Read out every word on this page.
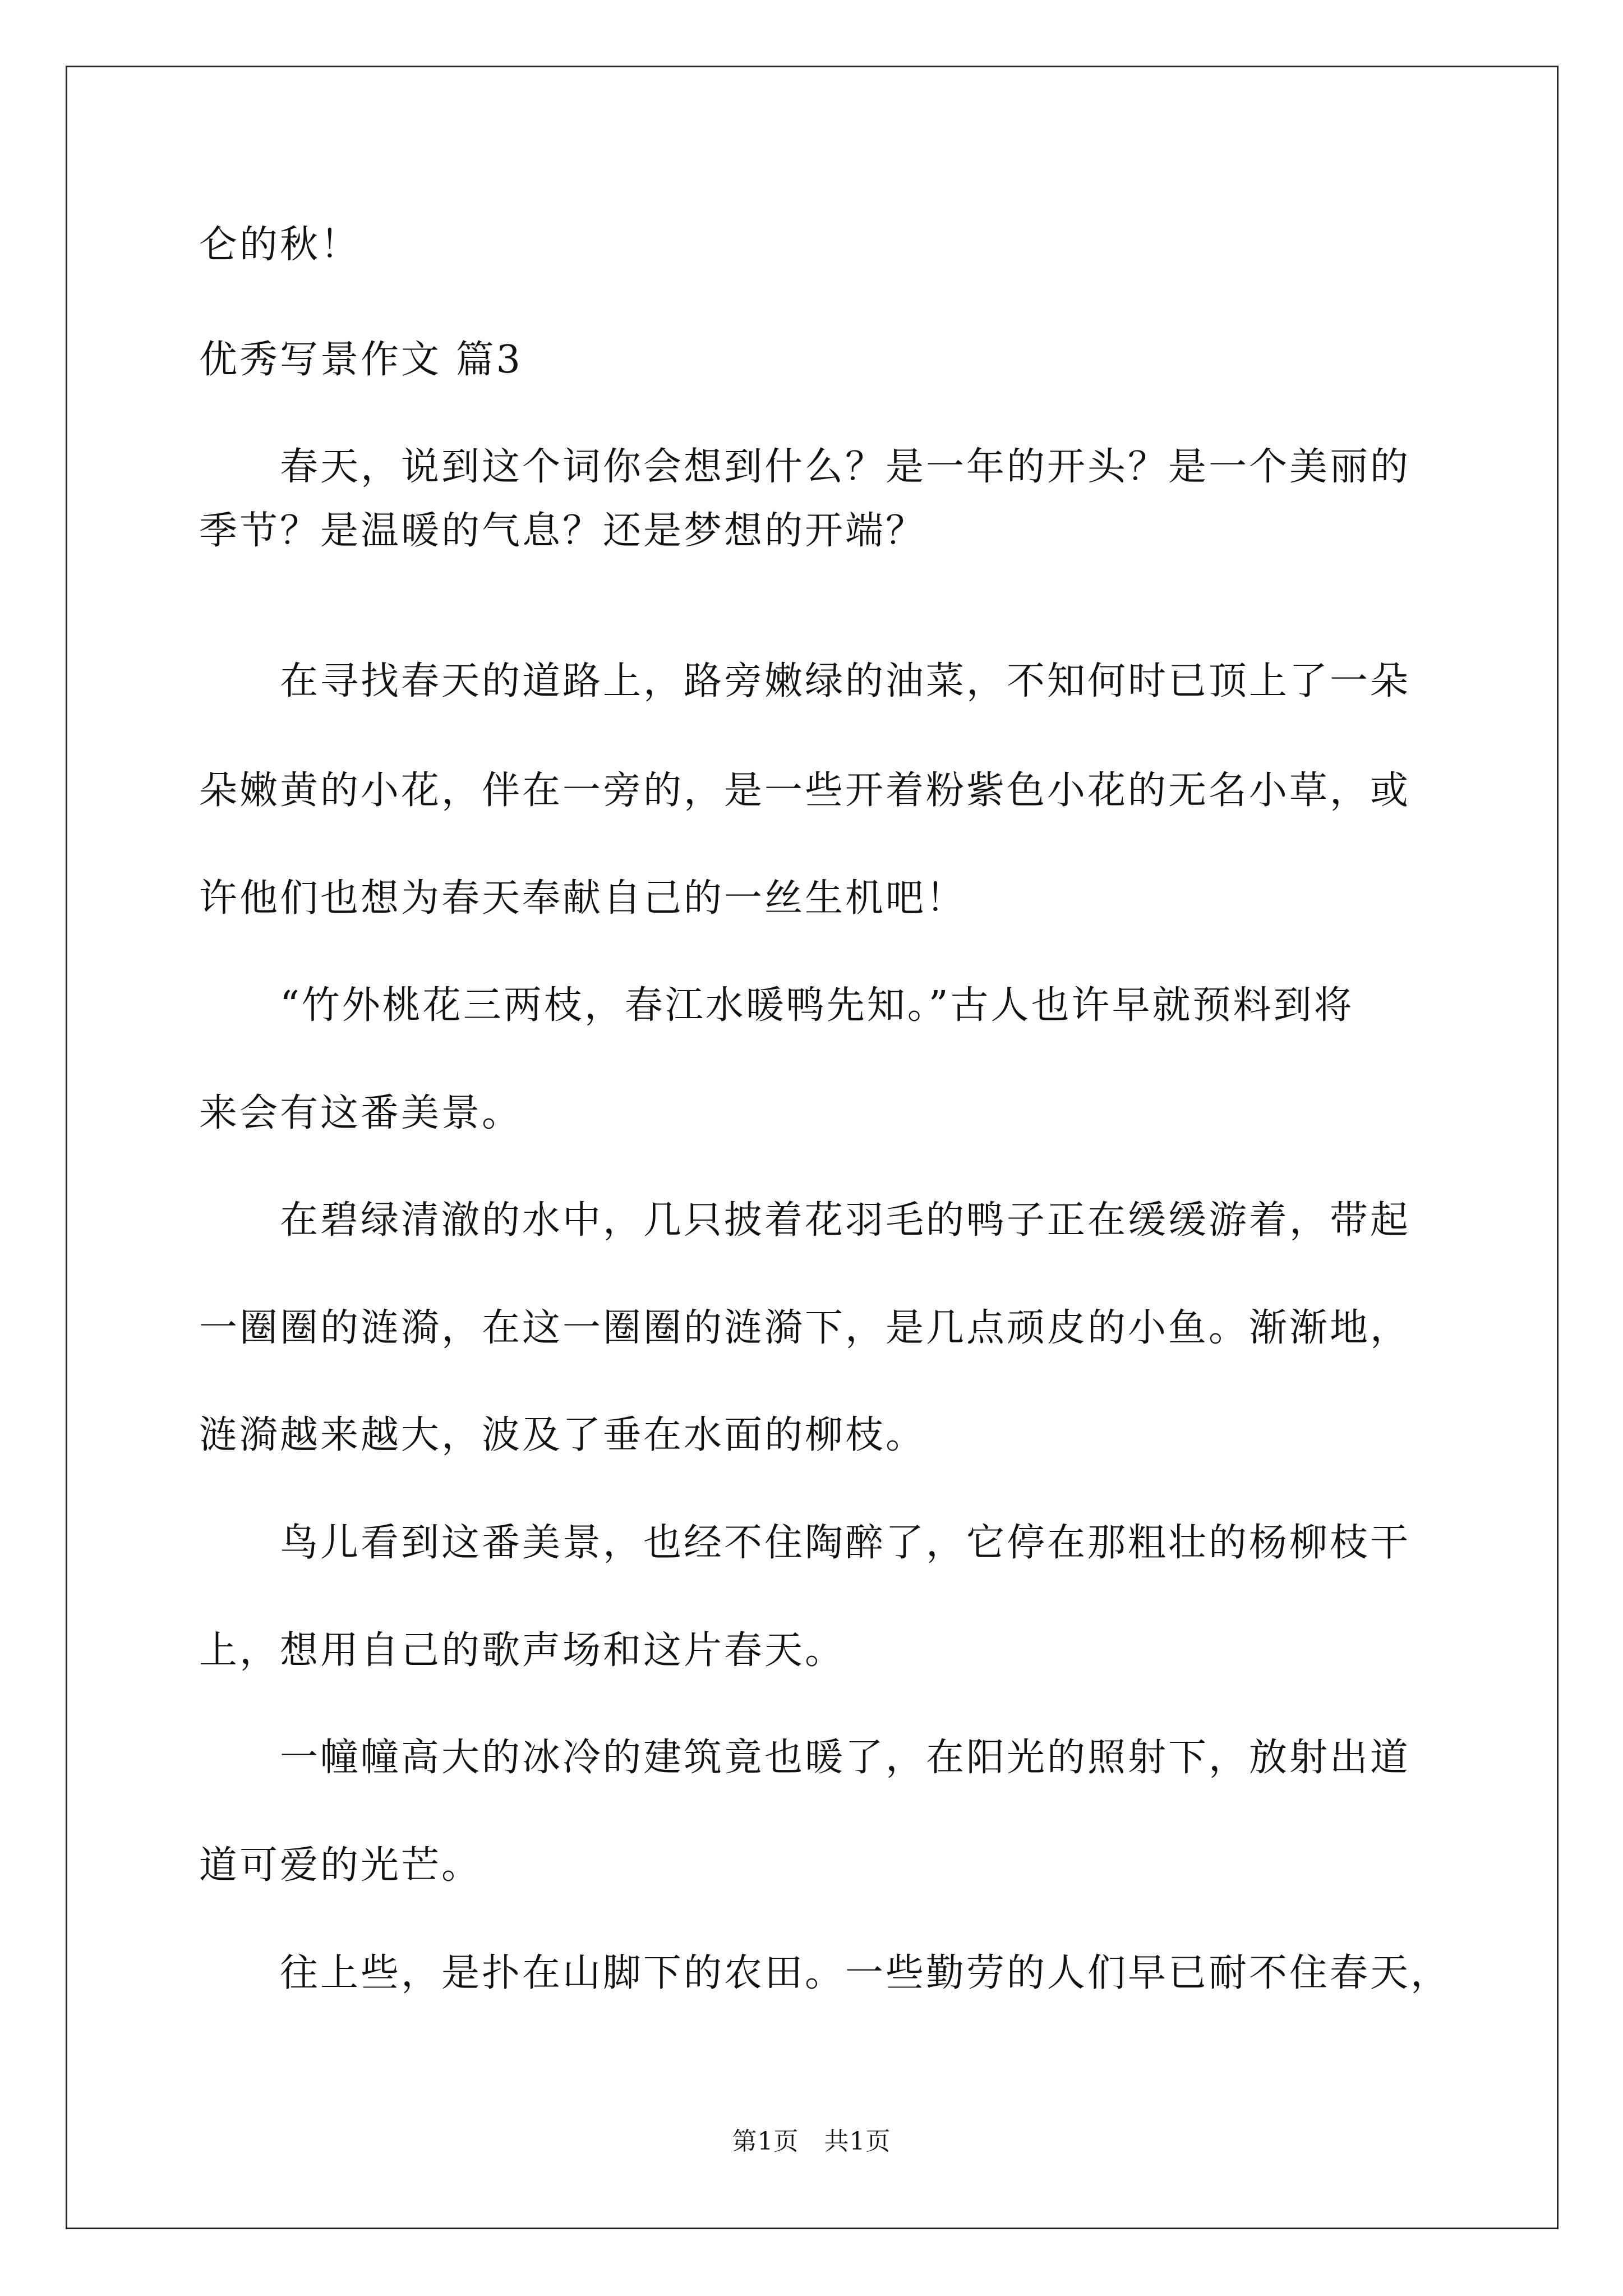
仑的秋！
优秀写景作文 篇3
　　春天，说到这个词你会想到什么？是一年的开头？是一个美丽的
季节？是温暖的气息？还是梦想的开端？
　　在寻找春天的道路上，路旁嫩绿的油菜，不知何时已顶上了一朵
朵嫩黄的小花，伴在一旁的，是一些开着粉紫色小花的无名小草，或
许他们也想为春天奉献自己的一丝生机吧！
　　“竹外桃花三两枝，春江水暖鸭先知。”古人也许早就预料到将
来会有这番美景。
　　在碧绿清澈的水中，几只披着花羽毛的鸭子正在缓缓游着，带起
一圈圈的涟漪，在这一圈圈的涟漪下，是几点顽皮的小鱼。渐渐地，
涟漪越来越大，波及了垂在水面的柳枝。
　　鸟儿看到这番美景，也经不住陶醉了，它停在那粗壮的杨柳枝干
上，想用自己的歌声场和这片春天。
　　一幢幢高大的冰冷的建筑竟也暖了，在阳光的照射下，放射出道
道可爱的光芒。
　　往上些，是扑在山脚下的农田。一些勤劳的人们早已耐不住春天，
第1页　共1页
